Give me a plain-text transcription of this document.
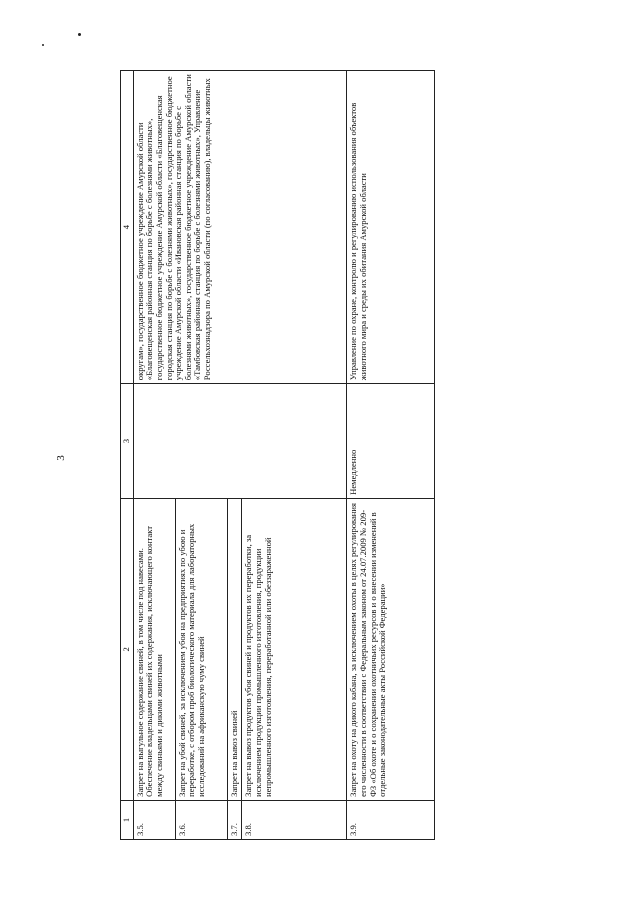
3
1	2	3	4
3.5.	Запрет на выгульное содержание свиней, в том числе под навесами. Обеспечение владельцами свиней их содержания, исключающего контакт между свиньями и дикими животными		округам», государственное бюджетное учреждение Амурской области «Благовещенская районная станция по борьбе с болезнями животных», государственное бюджетное учреждение Амурской области «Благовещенская городская станция по борьбе с болезнями животных», государственное бюджетное учреждение Амурской области «Ивановская районная станция по борьбе с болезнями животных», государственное бюджетное учреждение Амурской области «Тамбовская районная станция по борьбе с болезнями животных», Управление Россельхознадзора по Амурской области (по согласованию), владельцы животных
3.6.	Запрет на убой свиней, за исключением убоя на предприятиях по убою и переработке, с отбором проб биологического материала для лабораторных исследований на африканскую чуму свиней		
3.7.	Запрет на вывоз свиней		
3.8.	Запрет на вывоз продуктов убоя свиней и продуктов их переработки, за исключением продукции промышленного изготовления, продукции непромышленного изготовления, переработанной или обеззараженной		
3.9.	Запрет на охоту на дикого кабана, за исключением охоты в целях регулирования его численности в соответствии с Федеральным законом от 24.07.2009 № 209-ФЗ «Об охоте и о сохранении охотничьих ресурсов и о внесении изменений в отдельные законодательные акты Российской Федерации»	Немедленно	Управление по охране, контролю и регулированию использования объектов животного мира и среды их обитания Амурской области
